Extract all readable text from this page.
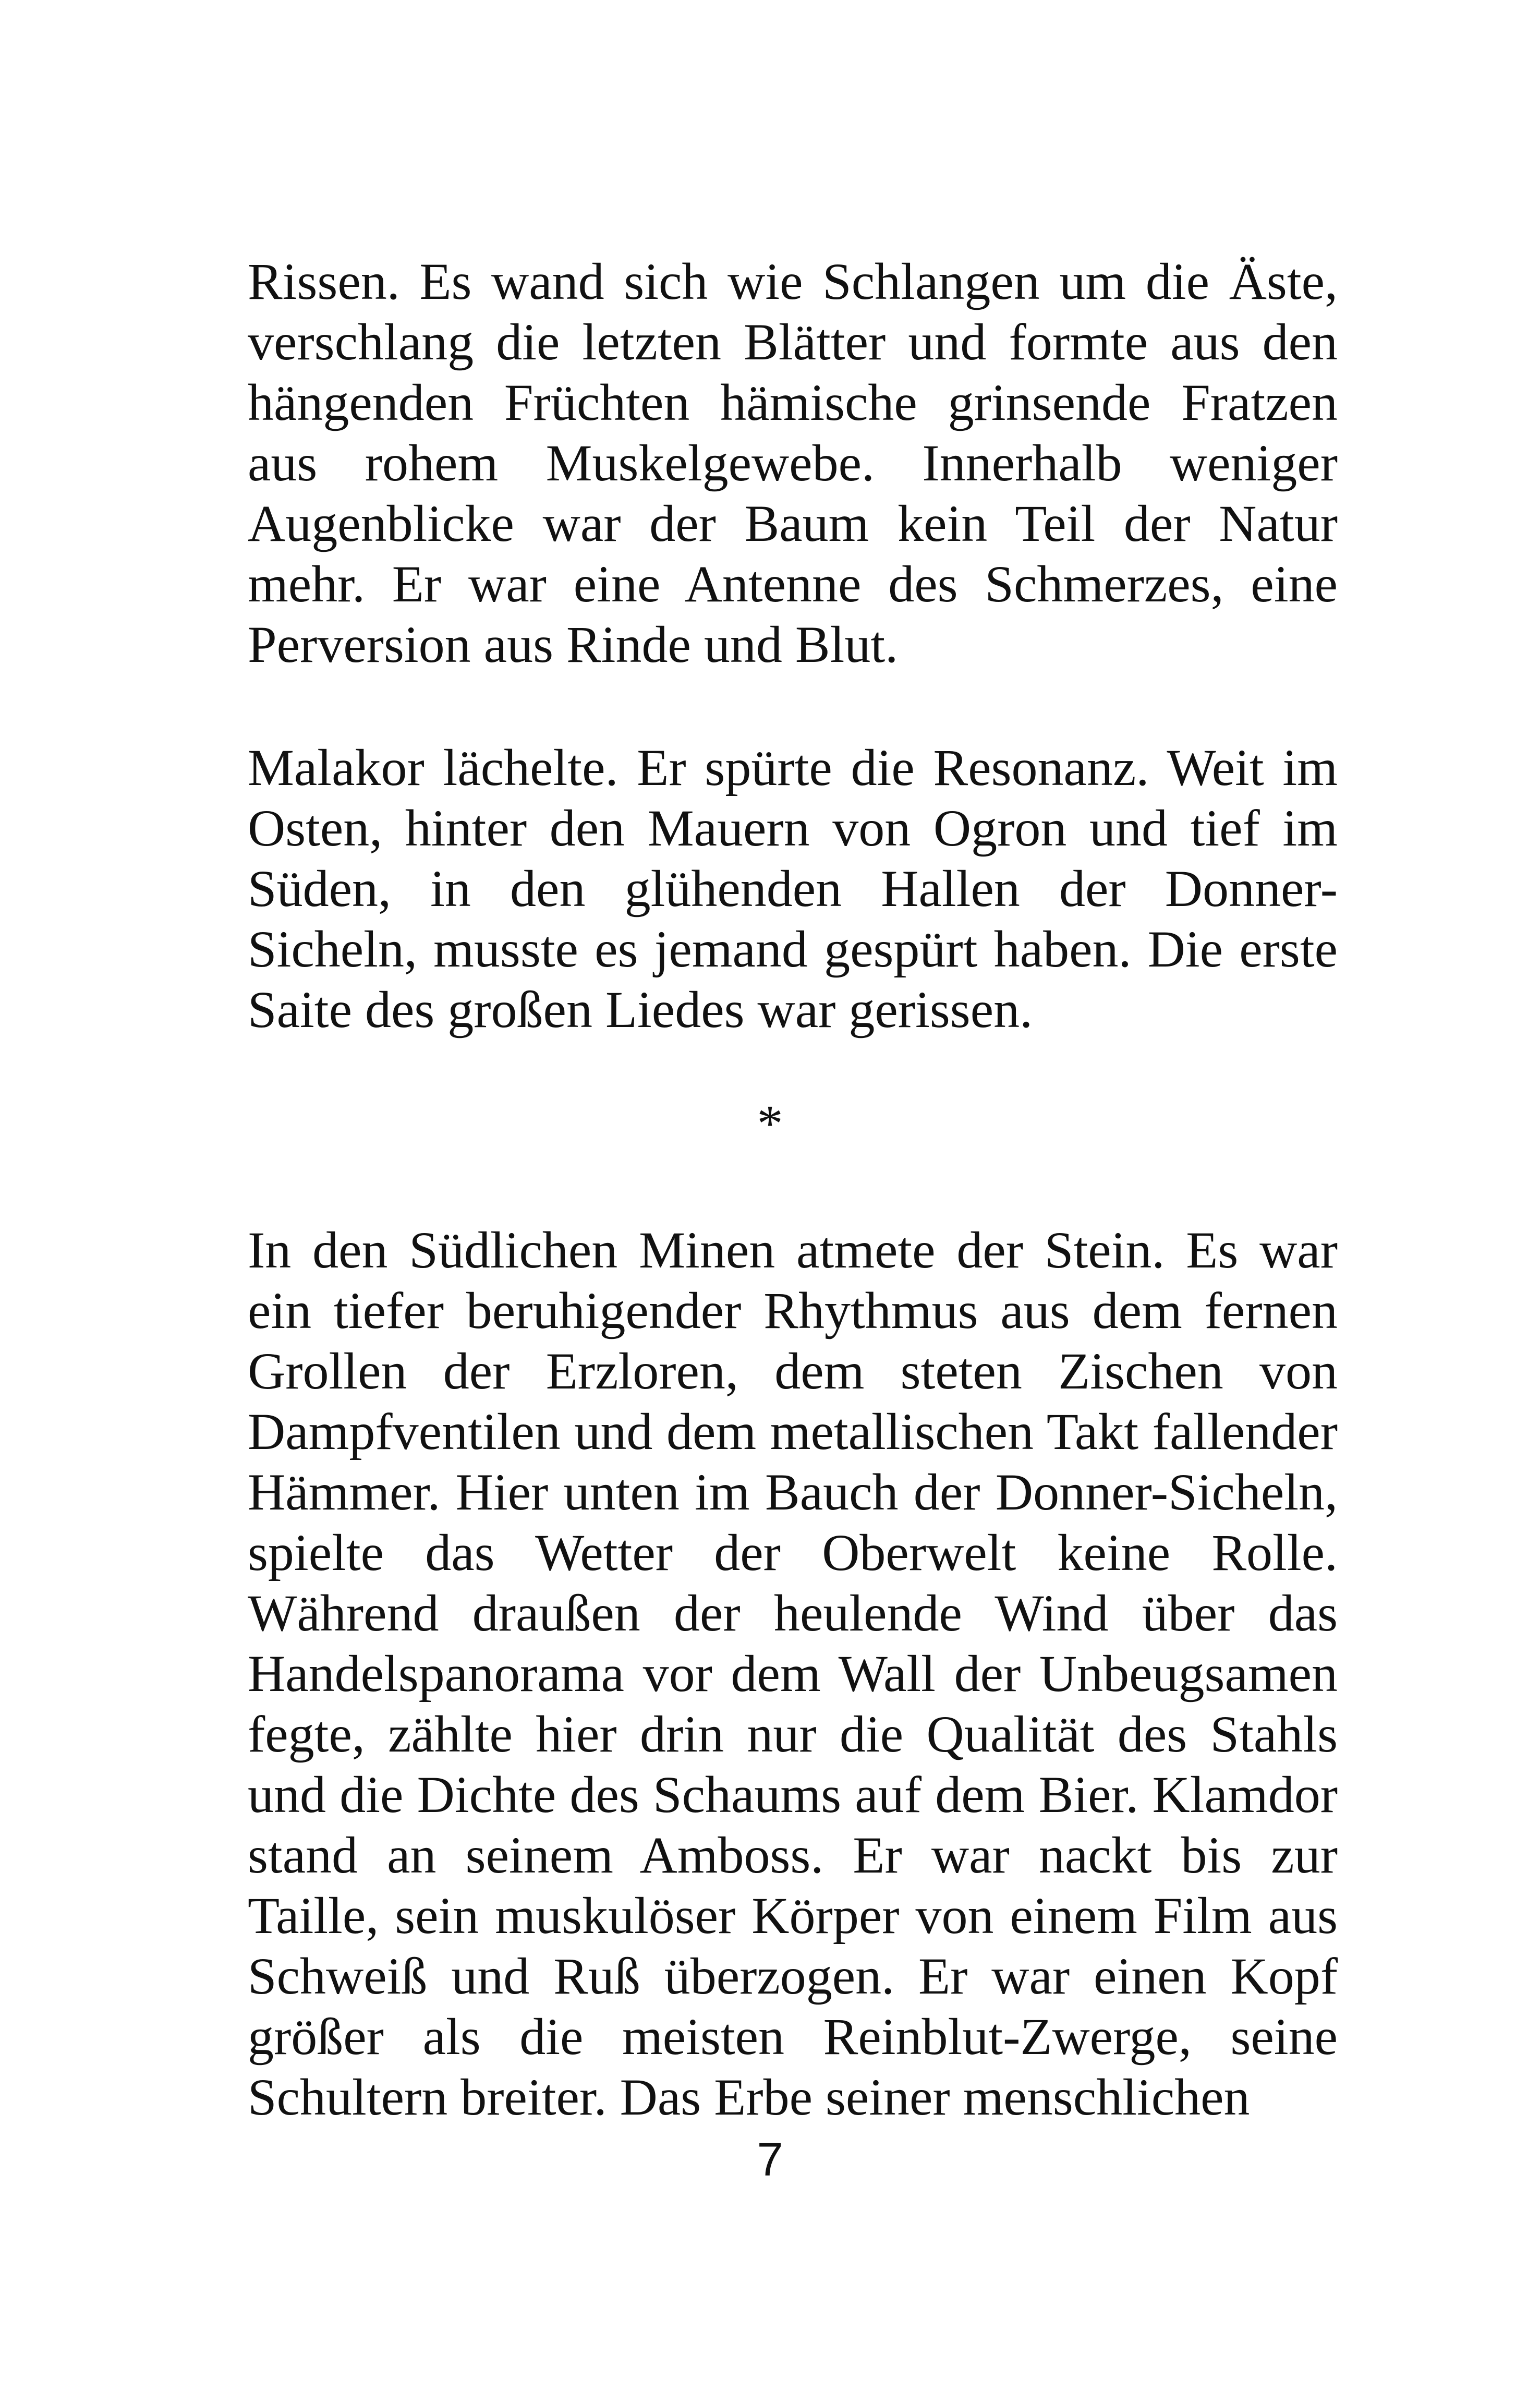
Rissen. Es wand sich wie Schlangen um die Äste, verschlang die letzten Blätter und formte aus den hängenden Früchten hämische grinsende Fratzen aus rohem Muskelgewebe. Innerhalb weniger Augenblicke war der Baum kein Teil der Natur mehr. Er war eine Antenne des Schmerzes, eine Perversion aus Rinde und Blut.

Malakor lächelte. Er spürte die Resonanz. Weit im Osten, hinter den Mauern von Ogron und tief im Süden, in den glühenden Hallen der Donner-Sicheln, musste es jemand gespürt haben. Die erste Saite des großen Liedes war gerissen.

*

In den Südlichen Minen atmete der Stein. Es war ein tiefer beruhigender Rhythmus aus dem fernen Grollen der Erzloren, dem steten Zischen von Dampfventilen und dem metallischen Takt fallender Hämmer. Hier unten im Bauch der Donner-Sicheln, spielte das Wetter der Oberwelt keine Rolle. Während draußen der heulende Wind über das Handelspanorama vor dem Wall der Unbeugsamen fegte, zählte hier drin nur die Qualität des Stahls und die Dichte des Schaums auf dem Bier. Klamdor stand an seinem Amboss. Er war nackt bis zur Taille, sein muskulöser Körper von einem Film aus Schweiß und Ruß überzogen. Er war einen Kopf größer als die meisten Reinblut-Zwerge, seine Schultern breiter. Das Erbe seiner menschlichen

7
